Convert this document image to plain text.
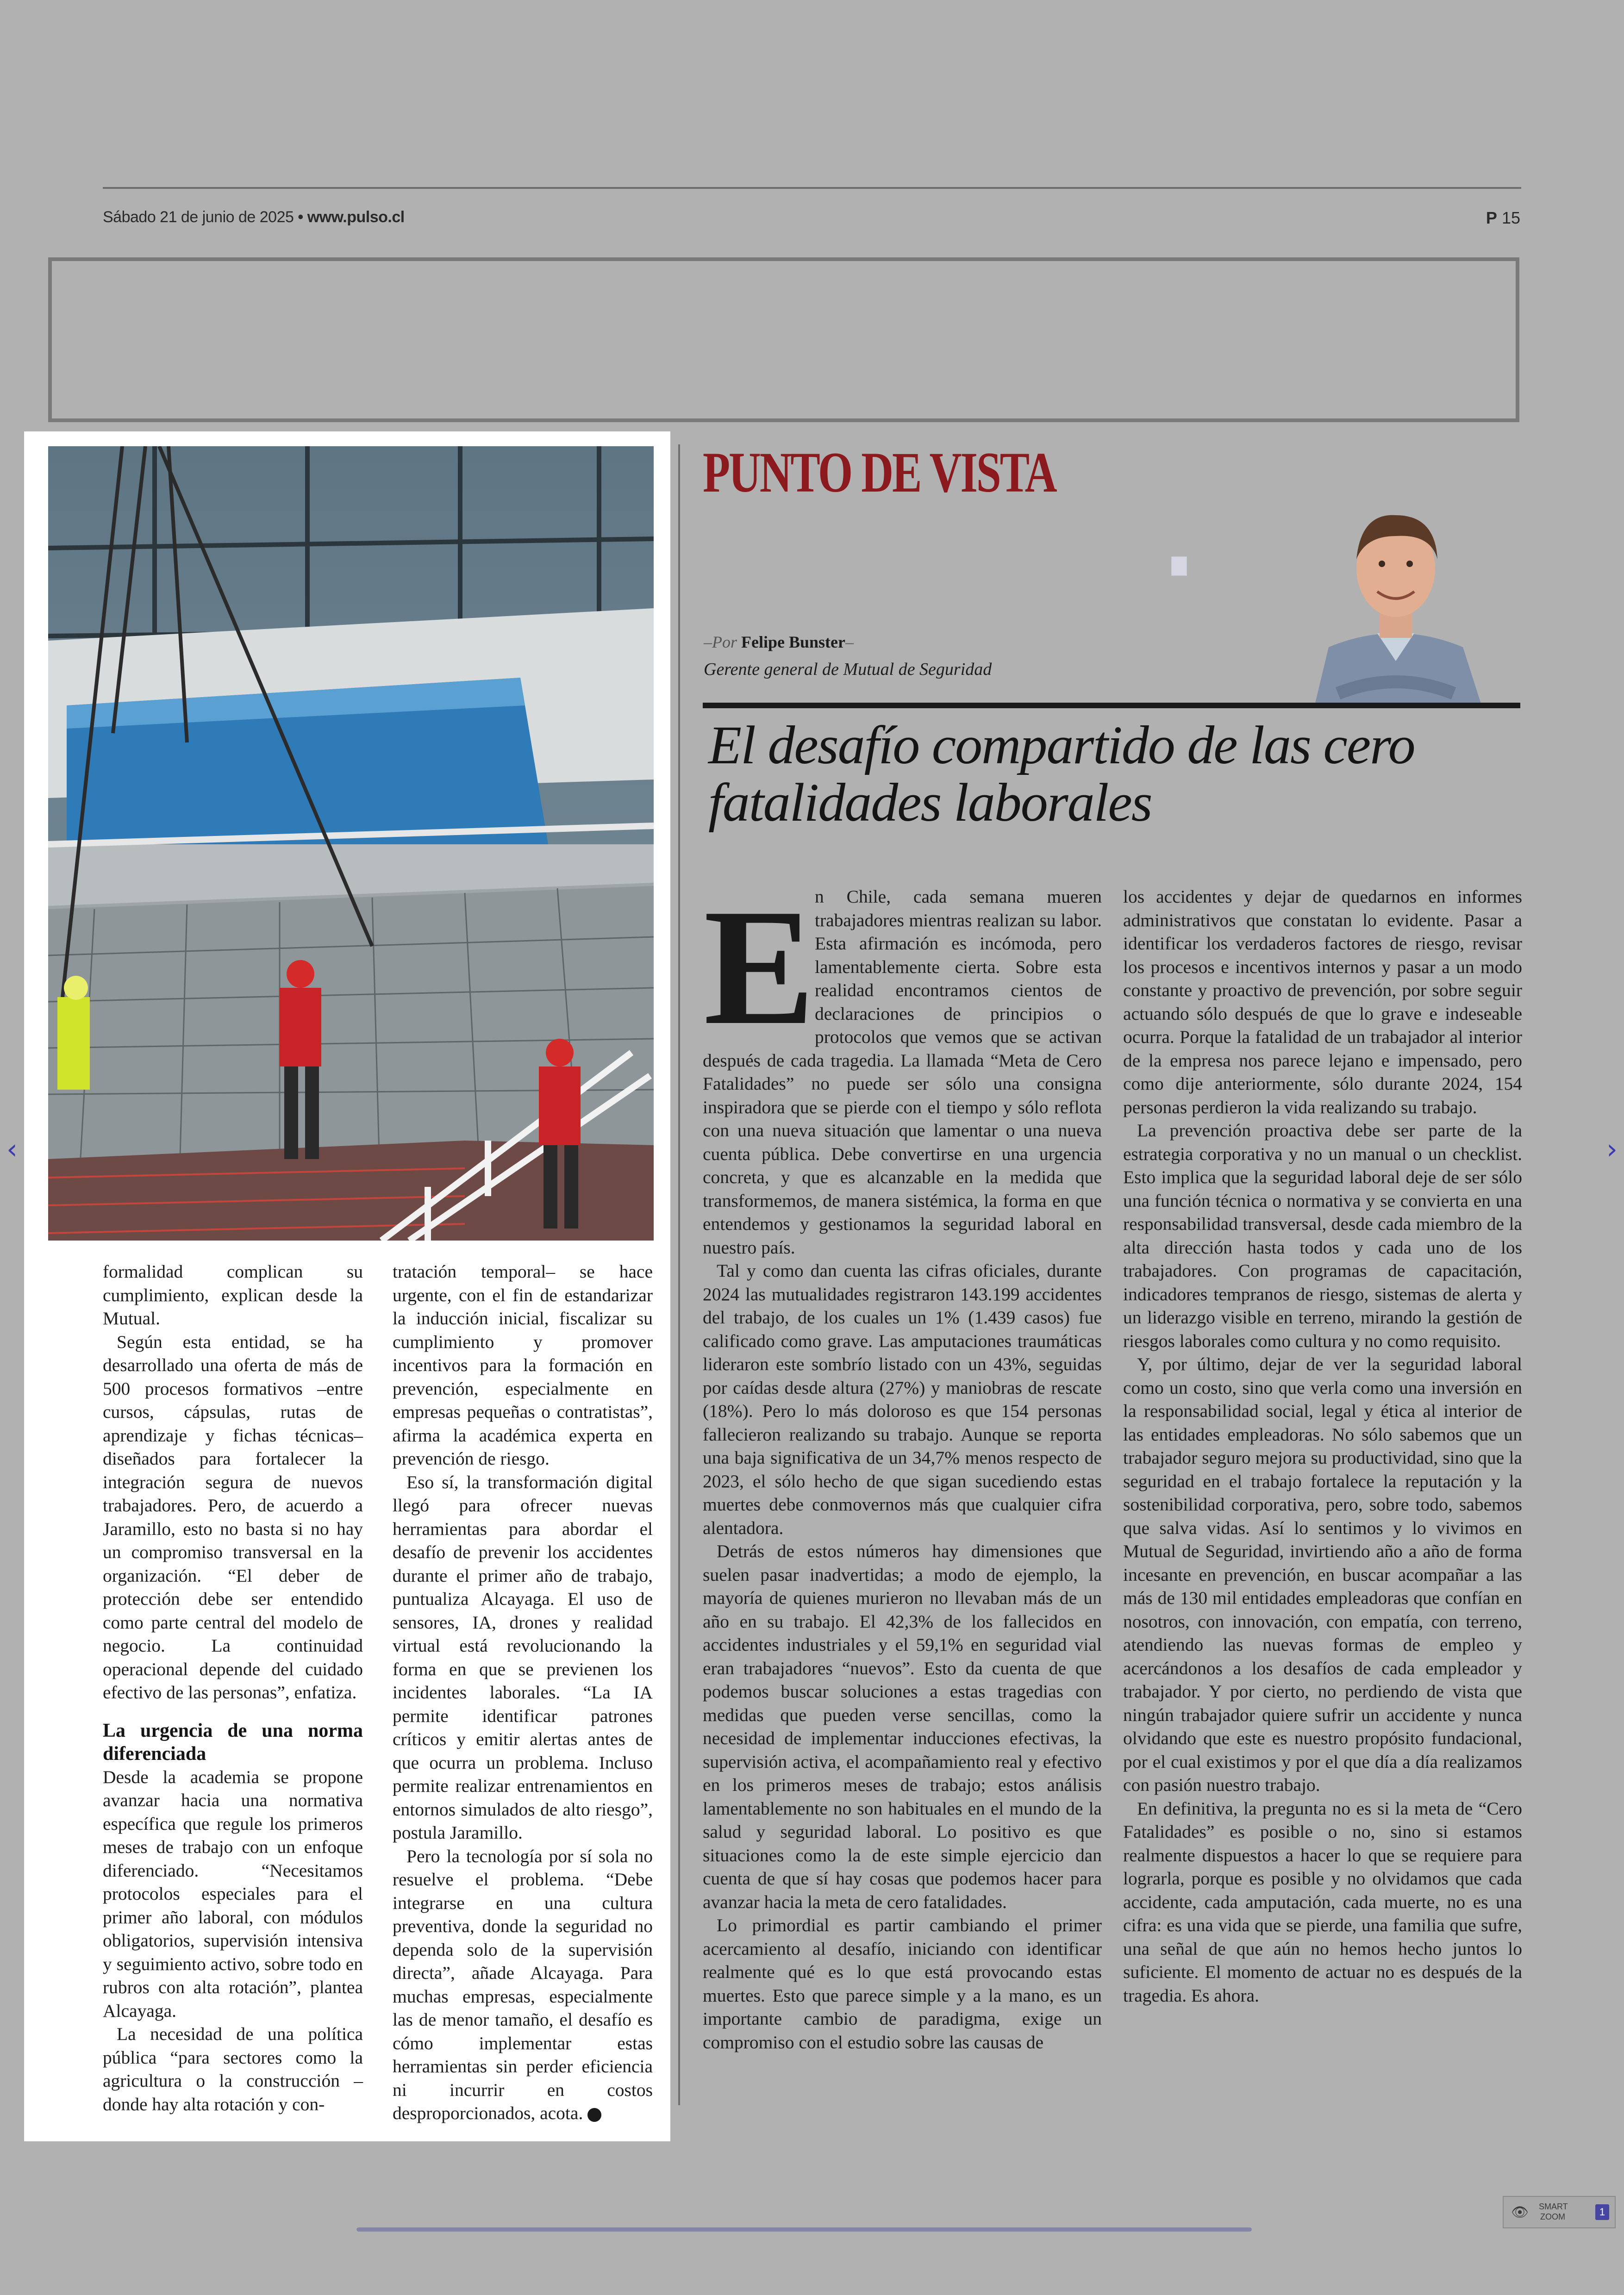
Sábado 21 de junio de 2025 • www.pulso.cl	P 15

formalidad complican su cumplimiento, explican desde la Mutual.

Según esta entidad, se ha desarrollado una oferta de más de 500 procesos formativos –entre cursos, cápsulas, rutas de aprendizaje y fichas técnicas– diseñados para fortalecer la integración segura de nuevos trabajadores. Pero, de acuerdo a Jaramillo, esto no basta si no hay un compromiso transversal en la organización. “El deber de protección debe ser entendido como parte central del modelo de negocio. La continuidad operacional depende del cuidado efectivo de las personas”, enfatiza.

La urgencia de una norma diferenciada

Desde la academia se propone avanzar hacia una normativa específica que regule los primeros meses de trabajo con un enfoque diferenciado. “Necesitamos protocolos especiales para el primer año laboral, con módulos obligatorios, supervisión intensiva y seguimiento activo, sobre todo en rubros con alta rotación”, plantea Alcayaga.

La necesidad de una política pública “para sectores como la agricultura o la construcción –donde hay alta rotación y con-

tratación temporal– se hace urgente, con el fin de estandarizar la inducción inicial, fiscalizar su cumplimiento y promover incentivos para la formación en prevención, especialmente en empresas pequeñas o contratistas”, afirma la académica experta en prevención de riesgo.

Eso sí, la transformación digital llegó para ofrecer nuevas herramientas para abordar el desafío de prevenir los accidentes durante el primer año de trabajo, puntualiza Alcayaga. El uso de sensores, IA, drones y realidad virtual está revolucionando la forma en que se previenen los incidentes laborales. “La IA permite identificar patrones críticos y emitir alertas antes de que ocurra un problema. Incluso permite realizar entrenamientos en entornos simulados de alto riesgo”, postula Jaramillo.

Pero la tecnología por sí sola no resuelve el problema. “Debe integrarse en una cultura preventiva, donde la seguridad no dependa solo de la supervisión directa”, añade Alcayaga. Para muchas empresas, especialmente las de menor tamaño, el desafío es cómo implementar estas herramientas sin perder eficiencia ni incurrir en costos desproporcionados, acota. P

PUNTO DE VISTA
–Por Felipe Bunster–
Gerente general de Mutual de Seguridad
El desafío compartido de las cero
fatalidades laborales
E n Chile, cada semana mueren trabajadores mientras realizan su labor. Esta afirmación es incómoda, pero lamentablemente cierta. Sobre esta realidad encontramos cientos de declaraciones de principios o protocolos que vemos que se activan después de cada tragedia. La llamada “Meta de Cero Fatalidades” no puede ser sólo una consigna inspiradora que se pierde con el tiempo y sólo reflota con una nueva situación que lamentar o una nueva cuenta pública. Debe convertirse en una urgencia concreta, y que es alcanzable en la medida que transformemos, de manera sistémica, la forma en que entendemos y gestionamos la seguridad laboral en nuestro país.

Tal y como dan cuenta las cifras oficiales, durante 2024 las mutualidades registraron 143.199 accidentes del trabajo, de los cuales un 1% (1.439 casos) fue calificado como grave. Las amputaciones traumáticas lideraron este sombrío listado con un 43%, seguidas por caídas desde altura (27%) y maniobras de rescate (18%). Pero lo más doloroso es que 154 personas fallecieron realizando su trabajo. Aunque se reporta una baja significativa de un 34,7% menos respecto de 2023, el sólo hecho de que sigan sucediendo estas muertes debe conmovernos más que cualquier cifra alentadora.

Detrás de estos números hay dimensiones que suelen pasar inadvertidas; a modo de ejemplo, la mayoría de quienes murieron no llevaban más de un año en su trabajo. El 42,3% de los fallecidos en accidentes industriales y el 59,1% en seguridad vial eran trabajadores “nuevos”. Esto da cuenta de que podemos buscar soluciones a estas tragedias con medidas que pueden verse sencillas, como la necesidad de implementar inducciones efectivas, la supervisión activa, el acompañamiento real y efectivo en los primeros meses de trabajo; estos análisis lamentablemente no son habituales en el mundo de la salud y seguridad laboral. Lo positivo es que situaciones como la de este simple ejercicio dan cuenta de que sí hay cosas que podemos hacer para avanzar hacia la meta de cero fatalidades.

Lo primordial es partir cambiando el primer acercamiento al desafío, iniciando con identificar realmente qué es lo que está provocando estas muertes. Esto que parece simple y a la mano, es un importante cambio de paradigma, exige un compromiso con el estudio sobre las causas de

los accidentes y dejar de quedarnos en informes administrativos que constatan lo evidente. Pasar a identificar los verdaderos factores de riesgo, revisar los procesos e incentivos internos y pasar a un modo constante y proactivo de prevención, por sobre seguir actuando sólo después de que lo grave e indeseable ocurra. Porque la fatalidad de un trabajador al interior de la empresa nos parece lejano e impensado, pero como dije anteriormente, sólo durante 2024, 154 personas perdieron la vida realizando su trabajo.

La prevención proactiva debe ser parte de la estrategia corporativa y no un manual o un checklist. Esto implica que la seguridad laboral deje de ser sólo una función técnica o normativa y se convierta en una responsabilidad transversal, desde cada miembro de la alta dirección hasta todos y cada uno de los trabajadores. Con programas de capacitación, indicadores tempranos de riesgo, sistemas de alerta y un liderazgo visible en terreno, mirando la gestión de riesgos laborales como cultura y no como requisito.

Y, por último, dejar de ver la seguridad laboral como un costo, sino que verla como una inversión en la responsabilidad social, legal y ética al interior de las entidades empleadoras. No sólo sabemos que un trabajador seguro mejora su productividad, sino que la seguridad en el trabajo fortalece la reputación y la sostenibilidad corporativa, pero, sobre todo, sabemos que salva vidas. Así lo sentimos y lo vivimos en Mutual de Seguridad, invirtiendo año a año de forma incesante en prevención, en buscar acompañar a las más de 130 mil entidades empleadoras que confían en nosotros, con innovación, con empatía, con terreno, atendiendo las nuevas formas de empleo y acercándonos a los desafíos de cada empleador y trabajador. Y por cierto, no perdiendo de vista que ningún trabajador quiere sufrir un accidente y nunca olvidando que este es nuestro propósito fundacional, por el cual existimos y por el que día a día realizamos con pasión nuestro trabajo.

En definitiva, la pregunta no es si la meta de “Cero Fatalidades” es posible o no, sino si estamos realmente dispuestos a hacer lo que se requiere para lograrla, porque es posible y no olvidamos que cada accidente, cada amputación, cada muerte, no es una cifra: es una vida que se pierde, una familia que sufre, una señal de que aún no hemos hecho juntos lo suficiente. El momento de actuar no es después de la tragedia. Es ahora.

‹	›
👁 SMART
ZOOM	1
